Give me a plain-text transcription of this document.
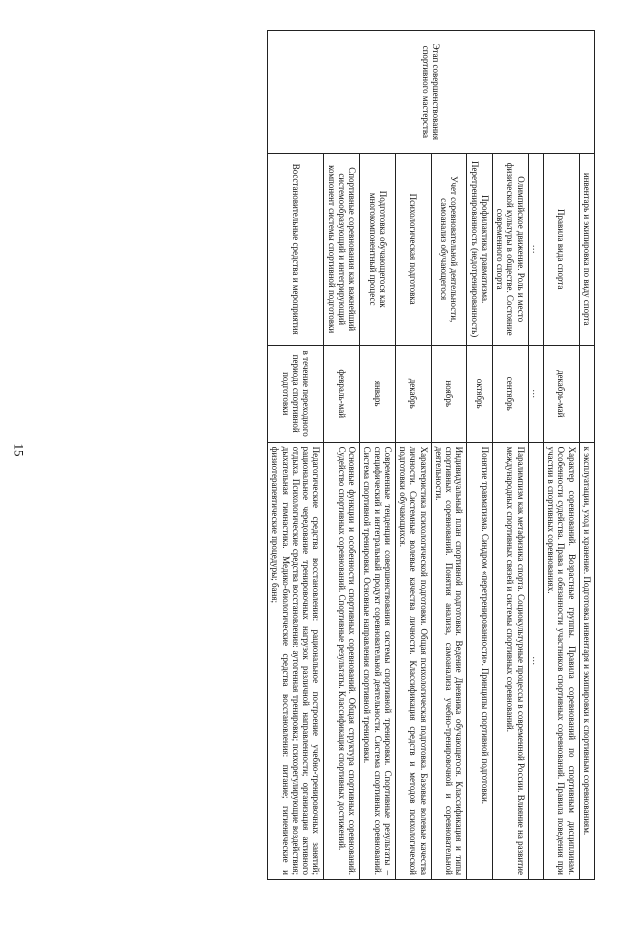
15
Этап совершенствования спортивного мастерства	инвентарь и экипировка по виду спорта		к эксплуатации, уход и хранение. Подготовка инвентаря и экипировки к спортивным соревнованиям.
	Правила вида спорта	декабрь-май	Характер соревнований. Возрастные группы. Правила соревнований по спортивным дисциплинам. Особенности судейства. Права и обязанности участников спортивных соревнований. Правила поведения при участии в спортивных соревнованиях.
	…	…	…
	Олимпийское движение. Роль и место физической культуры в обществе. Состояние современного спорта	сентябрь	Паралимпизм как метафизика спорта. Социокультурные процессы в современной России. Влияние на развитие международных спортивных связей и системы спортивных соревнований.
	Профилактика травматизма. Перетренированность (недотренированность)	октябрь	Понятие травматизма. Синдром «перетренированности». Принципы спортивной подготовки.
	Учет соревновательной деятельности, самоанализ обучающегося	ноябрь	Индивидуальный план спортивной подготовки. Ведение Дневника обучающегося. Классификация и типы спортивных соревнований. Понятия анализа, самоанализа учебно-тренировочной и соревновательной деятельности.
	Психологическая подготовка	декабрь	Характеристика психологической подготовки. Общая психологическая подготовка. Базовые волевые качества личности. Системные волевые качества личности. Классификация средств и методов психологической подготовки обучающихся.
	Подготовка обучающегося как многокомпонентный процесс	январь	Современные тенденции совершенствования системы спортивной тренировки. Спортивные результаты – специфический и интегральный продукт соревновательной деятельности. Система спортивных соревнований. Система спортивной тренировки. Основные направления спортивной тренировки.
	Спортивные соревнования как важнейший системообразующий и интегрирующий компонент системы спортивной подготовки	февраль-май	Основные функции и особенности спортивных соревнований. Общая структура спортивных соревнований. Судейство спортивных соревнований. Спортивные результаты. Классификация спортивных достижений.
	Восстановительные средства и мероприятия	в течение переходного периода спортивной подготовки	Педагогические средства восстановления: рациональное построение учебно-тренировочных занятий; рациональное чередование тренировочных нагрузок различной направленности; организация активного отдыха. Психологические средства восстановления: аутогенная тренировка; психорегулирующие воздействия; дыхательная гимнастика. Медико-биологические средства восстановления: питание; гигиенические и физиотерапевтические процедуры; баня;
